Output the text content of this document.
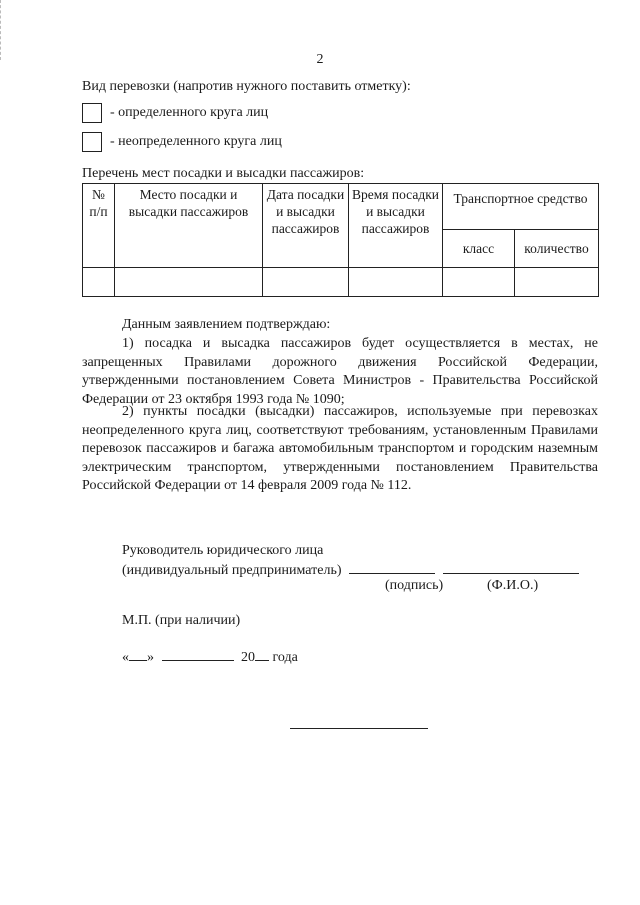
2
Вид перевозки (напротив нужного поставить отметку):
- определенного круга лиц
- неопределенного круга лиц
Перечень мест посадки и высадки пассажиров:
№ п/п	Место посадки и высадки пассажиров	Дата посадки и высадки пассажиров	Время посадки и высадки пассажиров	Транспортное средство	
				класс	количество

Данным заявлением подтверждаю:
1) посадка и высадка пассажиров будет осуществляется в местах, не запрещенных Правилами дорожного движения Российской Федерации, утвержденными постановлением Совета Министров - Правительства Российской Федерации от 23 октября 1993 года № 1090;
2) пункты посадки (высадки) пассажиров, используемые при перевозках неопределенного круга лиц, соответствуют требованиям, установленным Правилами перевозок пассажиров и багажа автомобильным транспортом и городским наземным электрическим транспортом, утвержденными постановлением Правительства Российской Федерации от 14 февраля 2009 года № 112.
Руководитель юридического лица
(индивидуальный предприниматель)
(подпись)	(Ф.И.О.)
М.П. (при наличии)
« »	20 года
